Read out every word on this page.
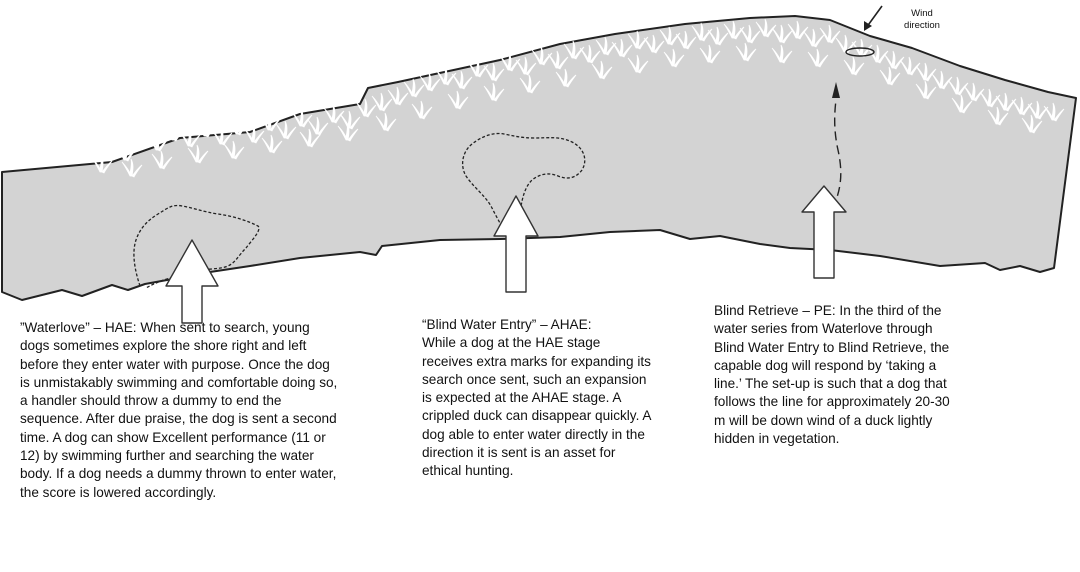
Wind direction

”Waterlove” – HAE: When sent to search, young dogs sometimes explore the shore right and left before they enter water with purpose. Once the dog is unmistakably swimming and comfortable doing so, a handler should throw a dummy to end the sequence. After due praise, the dog is sent a second time. A dog can show Excellent performance (11 or 12) by swimming further and searching the water body. If a dog needs a dummy thrown to enter water, the score is lowered accordingly.

“Blind Water Entry” – AHAE:
While a dog at the HAE stage receives extra marks for expanding its search once sent, such an expansion is expected at the AHAE stage. A crippled duck can disappear quickly. A dog able to enter water directly in the direction it is sent is an asset for ethical hunting.

Blind Retrieve – PE: In the third of the water series from Waterlove through Blind Water Entry to Blind Retrieve, the capable dog will respond by ‘taking a line.’ The set-up is such that a dog that follows the line for approximately 20-30 m will be down wind of a duck lightly hidden in vegetation.
